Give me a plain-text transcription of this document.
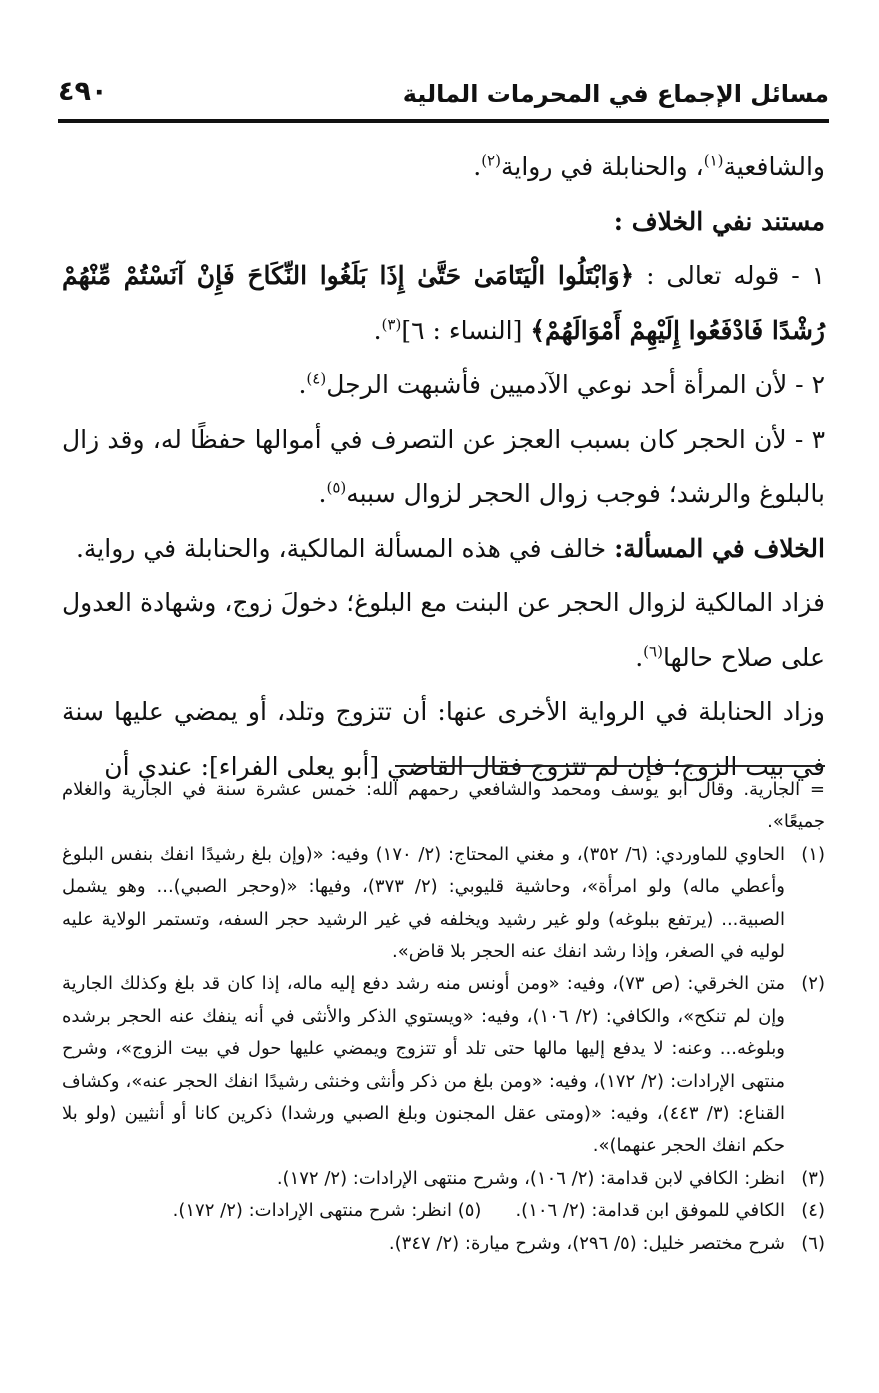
مسائل الإجماع في المحرمات المالية
٤٩٠

والشافعية$^{(١)}$، والحنابلة في رواية$^{(٢)}$.

مستند نفي الخلاف :

١ - قوله تعالى : ﴿وَابْتَلُوا الْيَتَامَىٰ حَتَّىٰ إِذَا بَلَغُوا النِّكَاحَ فَإِنْ آنَسْتُمْ مِّنْهُمْ رُشْدًا فَادْفَعُوا إِلَيْهِمْ أَمْوَالَهُمْ﴾ [النساء : ٦]$^{(٣)}$.

٢ - لأن المرأة أحد نوعي الآدميين فأشبهت الرجل$^{(٤)}$.

٣ - لأن الحجر كان بسبب العجز عن التصرف في أموالها حفظًا له، وقد زال بالبلوغ والرشد؛ فوجب زوال الحجر لزوال سببه$^{(٥)}$.

الخلاف في المسألة: خالف في هذه المسألة المالكية، والحنابلة في رواية.

فزاد المالكية لزوال الحجر عن البنت مع البلوغ؛ دخولَ زوج، وشهادة العدول على صلاح حالها$^{(٦)}$.

وزاد الحنابلة في الرواية الأخرى عنها: أن تتزوج وتلد، أو يمضي عليها سنة في بيت الزوج؛ فإن لم تتزوج فقال القاضي [أبو يعلى الفراء]: عندي أن

= الجارية. وقال أبو يوسف ومحمد والشافعي رحمهم الله: خمس عشرة سنة في الجارية والغلام جميعًا».

(١)
الحاوي للماوردي: (٦/ ٣٥٢)، و مغني المحتاج: (٢/ ١٧٠) وفيه: «(وإن بلغ رشيدًا انفك بنفس البلوغ وأعطي ماله) ولو امرأة»، وحاشية قليوبي: (٢/ ٣٧٣)، وفيها: «(وحجر الصبي)... وهو يشمل الصبية... (يرتفع ببلوغه) ولو غير رشيد ويخلفه في غير الرشيد حجر السفه، وتستمر الولاية عليه لوليه في الصغر، وإذا رشد انفك عنه الحجر بلا قاض».

(٢)
متن الخرقي: (ص ٧٣)، وفيه: «ومن أونس منه رشد دفع إليه ماله، إذا كان قد بلغ وكذلك الجارية وإن لم تنكح»، والكافي: (٢/ ١٠٦)، وفيه: «ويستوي الذكر والأنثى في أنه ينفك عنه الحجر برشده وبلوغه... وعنه: لا يدفع إليها مالها حتى تلد أو تتزوج ويمضي عليها حول في بيت الزوج»، وشرح منتهى الإرادات: (٢/ ١٧٢)، وفيه: «ومن بلغ من ذكر وأنثى وخنثى رشيدًا انفك الحجر عنه»، وكشاف القناع: (٣/ ٤٤٣)، وفيه: «(ومتى عقل المجنون وبلغ الصبي ورشدا) ذكرين كانا أو أنثيين (ولو بلا حكم انفك الحجر عنهما)».

(٣)
انظر: الكافي لابن قدامة: (٢/ ١٠٦)، وشرح منتهى الإرادات: (٢/ ١٧٢).

(٤)
الكافي للموفق ابن قدامة: (٢/ ١٠٦).(٥) انظر: شرح منتهى الإرادات: (٢/ ١٧٢).

(٦)
شرح مختصر خليل: (٥/ ٢٩٦)، وشرح ميارة: (٢/ ٣٤٧).
